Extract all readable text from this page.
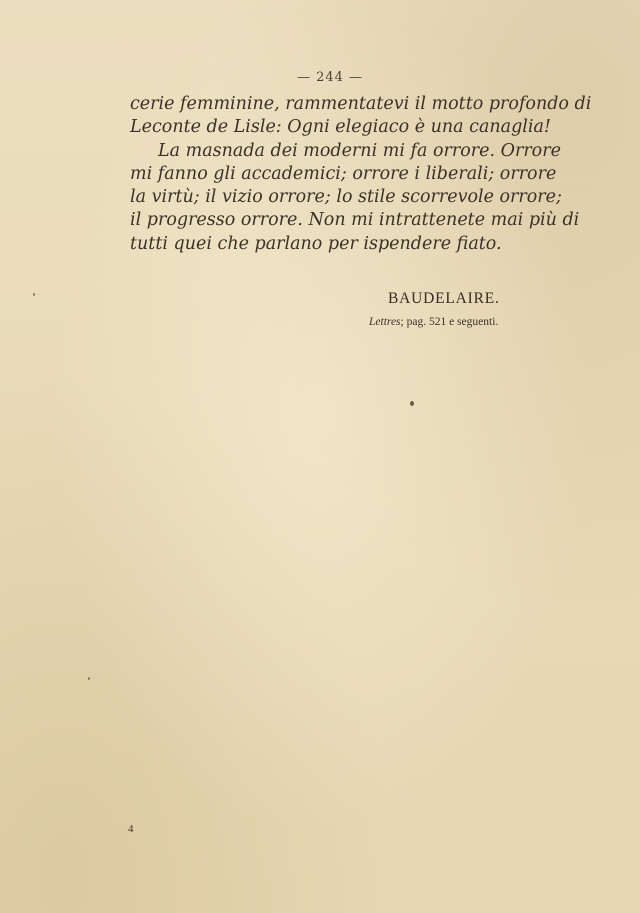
— 244 —
cerie femminine, rammentatevi il motto profondo di
Leconte de Lisle: Ogni elegiaco è una canaglia!
La masnada dei moderni mi fa orrore. Orrore
mi fanno gli accademici; orrore i liberali; orrore
la virtù; il vizio orrore; lo stile scorrevole orrore;
il progresso orrore. Non mi intrattenete mai più di
tutti quei che parlano per ispendere fiato.
BAUDELAIRE.
Lettres; pag. 521 e seguenti.
4
